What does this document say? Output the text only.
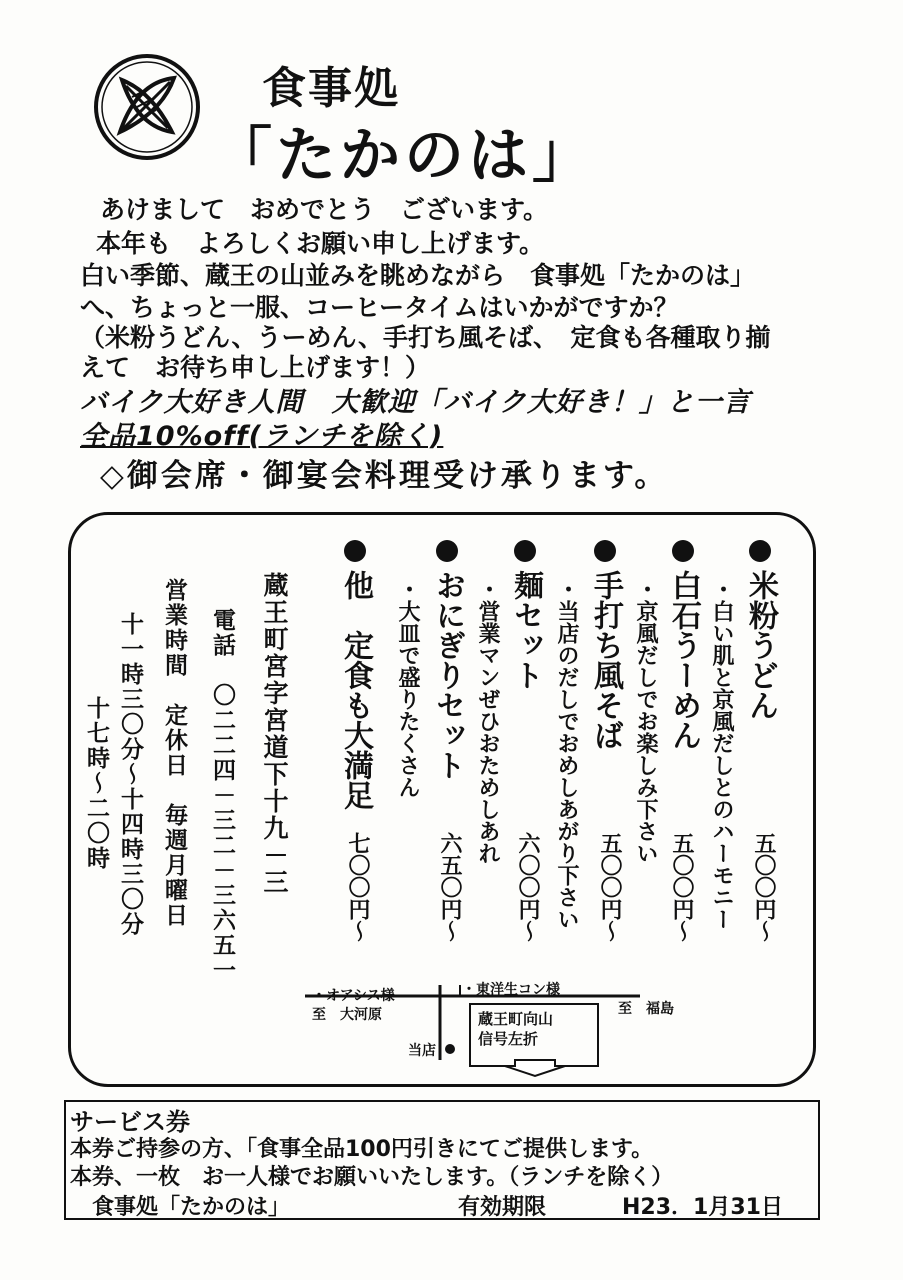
食事処
「たかのは」
あけまして　おめでとう　ございます。
本年も　よろしくお願い申し上げます。
白い季節、蔵王の山並みを眺めながら　食事処「たかのは」
へ、ちょっと一服、コーヒータイムはいかがですか？
（米粉うどん、うーめん、手打ち風そば、　定食も各種取り揃
えて　お待ち申し上げます！）
バイク大好き人間　大歓迎「バイク大好き！」と一言
全品10%off(ランチを除く)
◇御会席・御宴会料理受け承ります。
米粉うどん
・白い肌と京風だしとのハーモニー 五〇〇円～
白石うーめん
・京風だしでお楽しみ下さい
五〇〇円～
手打ち風そば
・当店のだしでおめしあがり下さい 五〇〇円～
麺セット
・営業マンぜひおためしあれ
六〇〇円～
おにぎりセット
・大皿で盛りたくさん
六五〇円～
他　定食も大満足
七〇〇円～
蔵王町宮字宮道下十九－三
電話　〇二二四－三二－三六五一
営業時間　定休日　毎週月曜日
十一時三〇分～十四時三〇分
十七時～二〇時
・オアシス様	・東洋生コン様
至　大河原	至　福島
当店
蔵王町向山
信号左折
サービス券
本券ご持参の方、「食事全品100円引きにてご提供します。
本券、一枚　お一人様でお願いいたします。（ランチを除く）
食事処「たかのは」	有効期限	H23．1月31日
